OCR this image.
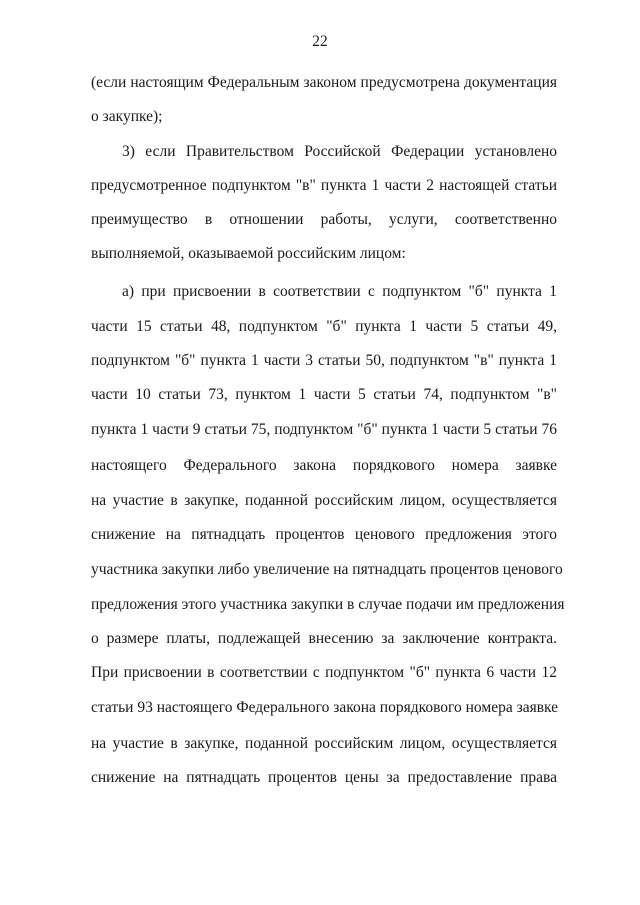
22
(если настоящим Федеральным законом предусмотрена документация
о закупке);
3) если Правительством Российской Федерации установлено
предусмотренное подпунктом "в" пункта 1 части 2 настоящей статьи
преимущество в отношении работы, услуги, соответственно
выполняемой, оказываемой российским лицом:
а) при присвоении в соответствии с подпунктом "б" пункта 1
части 15 статьи 48, подпунктом "б" пункта 1 части 5 статьи 49,
подпунктом "б" пункта 1 части 3 статьи 50, подпунктом "в" пункта 1
части 10 статьи 73, пунктом 1 части 5 статьи 74, подпунктом "в"
пункта 1 части 9 статьи 75, подпунктом "б" пункта 1 части 5 статьи 76
настоящего Федерального закона порядкового номера заявке
на участие в закупке, поданной российским лицом, осуществляется
снижение на пятнадцать процентов ценового предложения этого
участника закупки либо увеличение на пятнадцать процентов ценового
предложения этого участника закупки в случае подачи им предложения
о размере платы, подлежащей внесению за заключение контракта.
При присвоении в соответствии с подпунктом "б" пункта 6 части 12
статьи 93 настоящего Федерального закона порядкового номера заявке
на участие в закупке, поданной российским лицом, осуществляется
снижение на пятнадцать процентов цены за предоставление права
